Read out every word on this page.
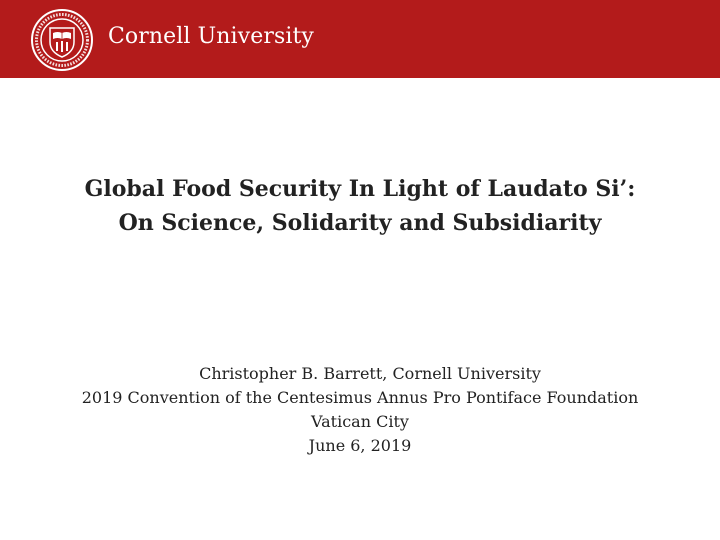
Cornell University
Global Food Security In Light of Laudato Si’:
On Science, Solidarity and Subsidiarity
Christopher B. Barrett, Cornell University
2019 Convention of the Centesimus Annus Pro Pontiface Foundation
Vatican City
June 6, 2019
